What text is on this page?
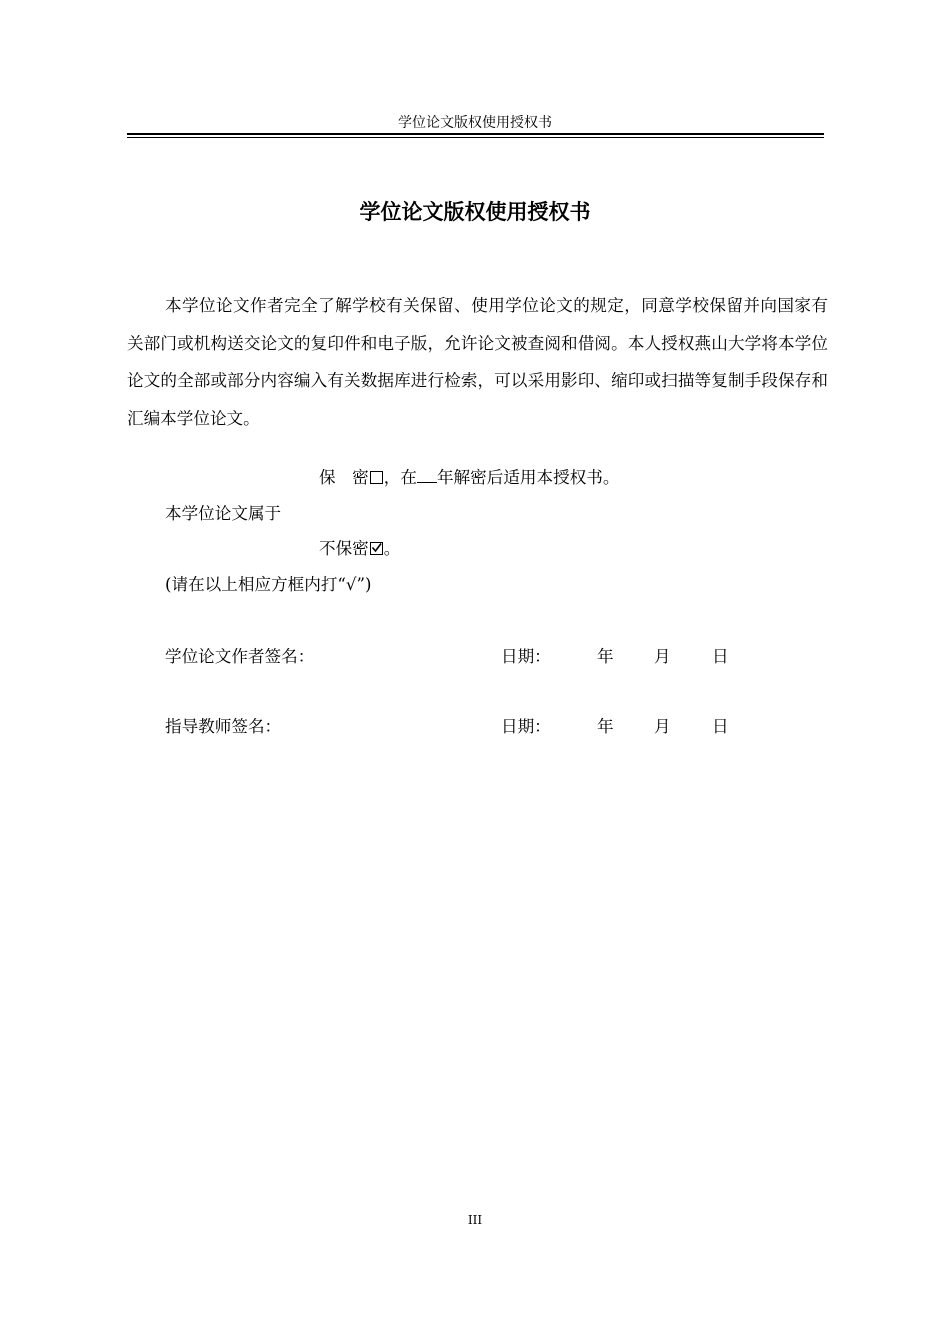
学位论文版权使用授权书
学位论文版权使用授权书

本学位论文作者完全了解学校有关保留、使用学位论文的规定，同意学校保留并向国家有关部门或机构送交论文的复印件和电子版，允许论文被查阅和借阅。本人授权燕山大学将本学位论文的全部或部分内容编入有关数据库进行检索，可以采用影印、缩印或扫描等复制手段保存和汇编本学位论文。

保　密 ，在 年解密后适用本授权书。
本学位论文属于
不保密 。
(请在以上相应方框内打“√”)
学位论文作者签名：	日期：	年 月 日
指导教师签名：	日期：	年 月 日
III
